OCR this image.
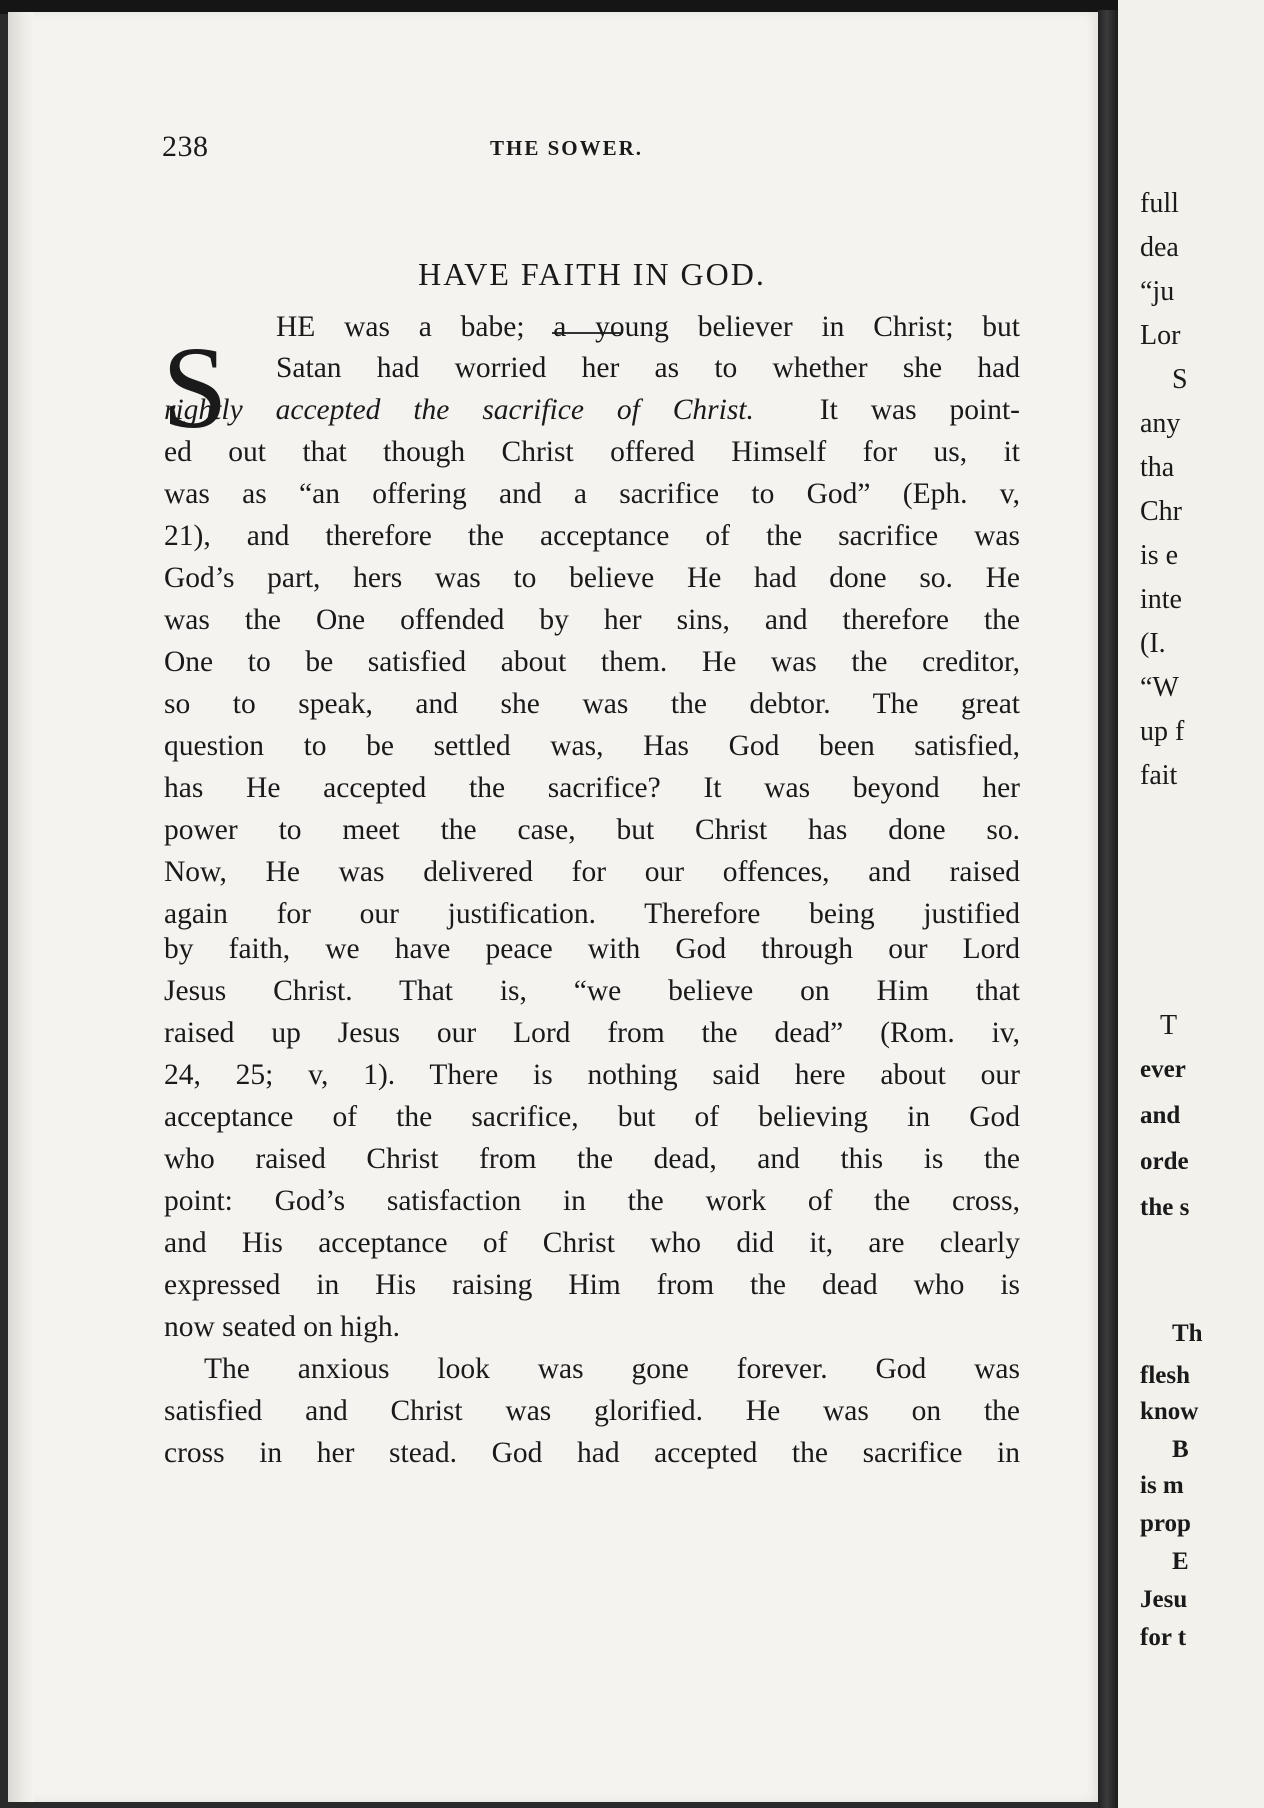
238	THE SOWER.
HAVE FAITH IN GOD.
S HE was a babe; a young believer in Christ; but
Satan had worried her as to whether she had
rightly accepted the sacrifice of Christ.  It was point-
ed out that though Christ offered Himself for us, it
was as “an offering and a sacrifice to God” (Eph. v,
21), and therefore the acceptance of the sacrifice was
God’s part, hers was to believe He had done so. He
was the One offended by her sins, and therefore the
One to be satisfied about them. He was the creditor,
so to speak, and she was the debtor. The great
question to be settled was, Has God been satisfied,
has He accepted the sacrifice? It was beyond her
power to meet the case, but Christ has done so.
Now, He was delivered for our offences, and raised
again for our justification. Therefore being justified
by faith, we have peace with God through our Lord
Jesus Christ. That is, “we believe on Him that
raised up Jesus our Lord from the dead” (Rom. iv,
24, 25; v, 1). There is nothing said here about our
acceptance of the sacrifice, but of believing in God
who raised Christ from the dead, and this is the
point: God’s satisfaction in the work of the cross,
and His acceptance of Christ who did it, are clearly
expressed in His raising Him from the dead who is
now seated on high.
The anxious look was gone forever. God was
satisfied and Christ was glorified. He was on the
cross in her stead. God had accepted the sacrifice in
full
dea
“ju
Lor
S
any
tha
Chr
is e
inte
(I.
“W
up f
fait
T
ever
and
orde
the s
Th
flesh
know
B
is m
prop
E
Jesu
for t
